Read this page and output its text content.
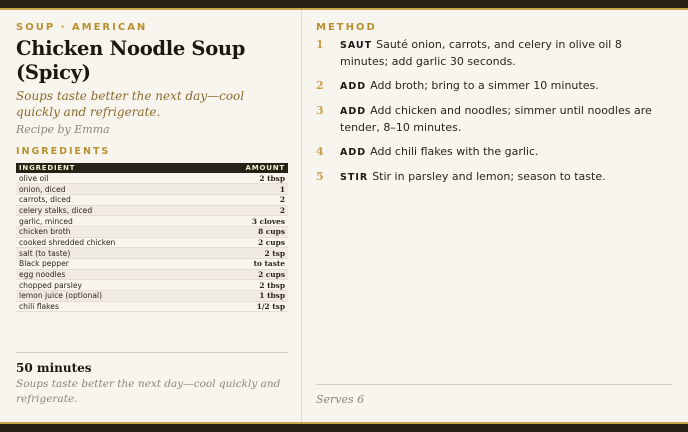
SOUP · AMERICAN
Chicken Noodle Soup (Spicy)
Soups taste better the next day—cool quickly and refrigerate.
Recipe by Emma
INGREDIENTS
INGREDIENT	AMOUNT
olive oil	2 tbsp
onion, diced	1
carrots, diced	2
celery stalks, diced	2
garlic, minced	3 cloves
chicken broth	8 cups
cooked shredded chicken	2 cups
salt (to taste)	2 tsp
Black pepper	to taste
egg noodles	2 cups
chopped parsley	2 tbsp
lemon juice (optional)	1 tbsp
chili flakes	1/2 tsp
50 minutes
Soups taste better the next day—cool quickly and refrigerate.
METHOD
1	SAUT Sauté onion, carrots, and celery in olive oil 8 minutes; add garlic 30 seconds.
2	ADD Add broth; bring to a simmer 10 minutes.
3	ADD Add chicken and noodles; simmer until noodles are tender, 8–10 minutes.
4	ADD Add chili flakes with the garlic.
5	STIR Stir in parsley and lemon; season to taste.
Serves 6
